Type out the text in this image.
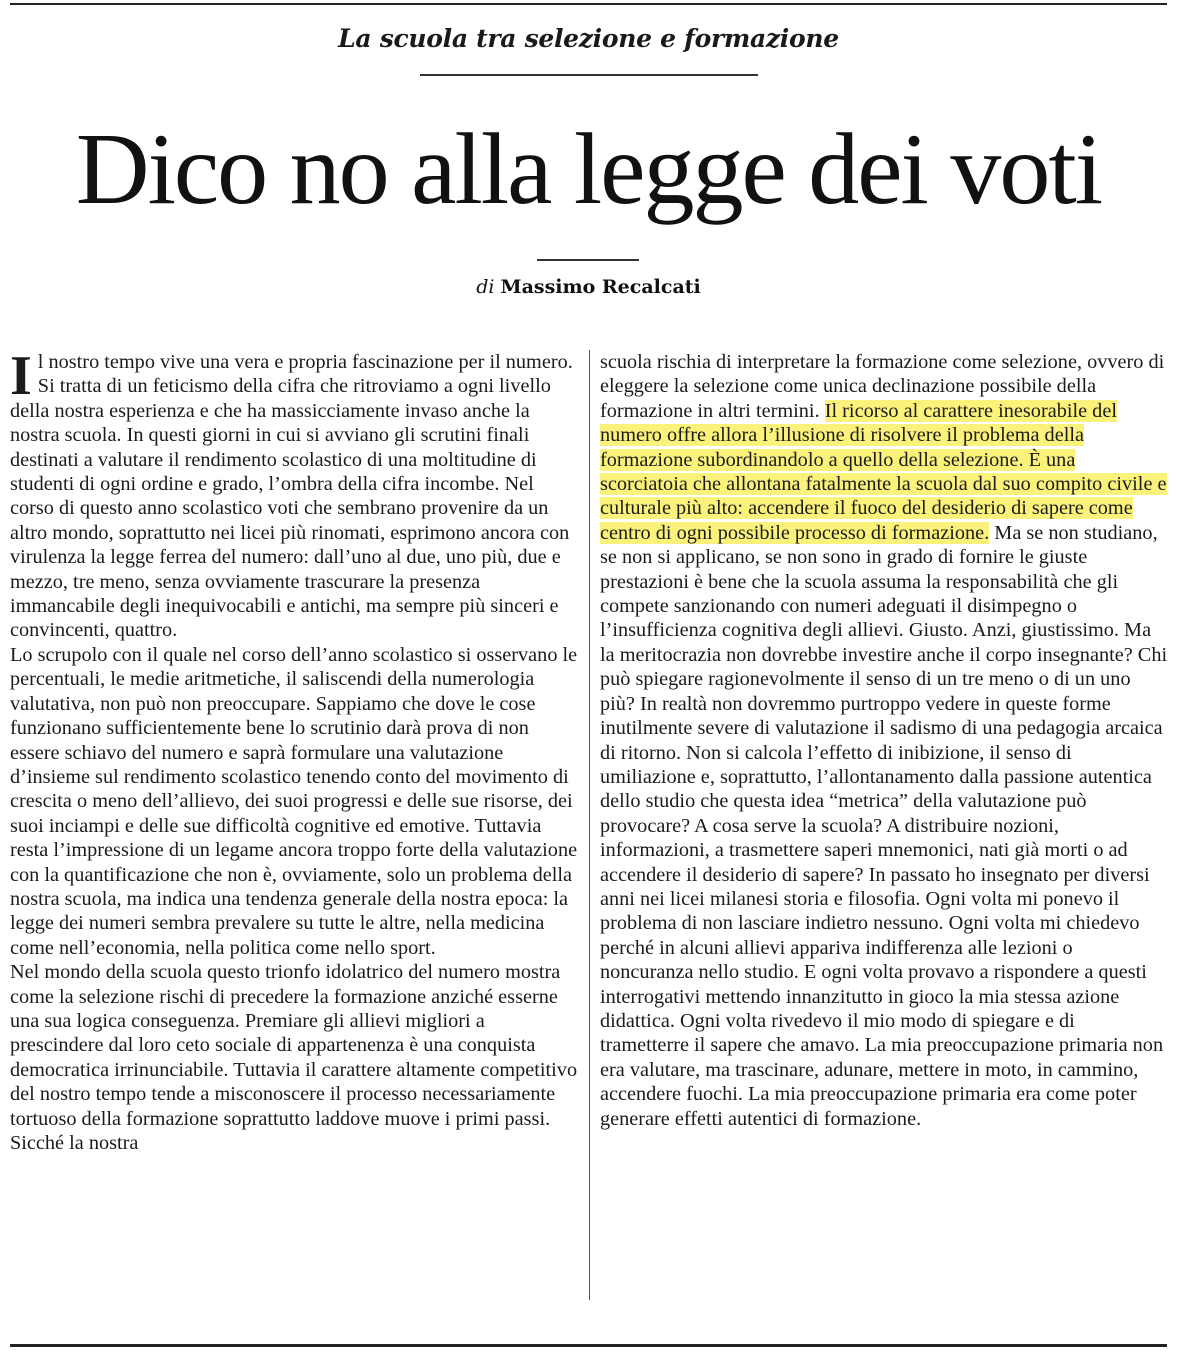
La scuola tra selezione e formazione
Dico no alla legge dei voti
di Massimo Recalcati

Il nostro tempo vive una vera e propria fascinazione per il numero. Si tratta di un feticismo della cifra che ritroviamo a ogni livello della nostra esperienza e che ha massicciamente invaso anche la nostra scuola. In questi giorni in cui si avviano gli scrutini finali destinati a valutare il rendimento scolastico di una moltitudine di studenti di ogni ordine e grado, l’ombra della cifra incombe. Nel corso di questo anno scolastico voti che sembrano provenire da un altro mondo, soprattutto nei licei più rinomati, esprimono ancora con virulenza la legge ferrea del numero: dall’uno al due, uno più, due e mezzo, tre meno, senza ovviamente trascurare la presenza immancabile degli inequivocabili e antichi, ma sempre più sinceri e convincenti, quattro.

Lo scrupolo con il quale nel corso dell’anno scolastico si osservano le percentuali, le medie aritmetiche, il saliscendi della numerologia valutativa, non può non preoccupare. Sappiamo che dove le cose funzionano sufficientemente bene lo scrutinio darà prova di non essere schiavo del numero e saprà formulare una valutazione d’insieme sul rendimento scolastico tenendo conto del movimento di crescita o meno dell’allievo, dei suoi progressi e delle sue risorse, dei suoi inciampi e delle sue difficoltà cognitive ed emotive. Tuttavia resta l’impressione di un legame ancora troppo forte della valutazione con la quantificazione che non è, ovviamente, solo un problema della nostra scuola, ma indica una tendenza generale della nostra epoca: la legge dei numeri sembra prevalere su tutte le altre, nella medicina come nell’economia, nella politica come nello sport.

Nel mondo della scuola questo trionfo idolatrico del numero mostra come la selezione rischi di precedere la formazione anziché esserne una sua logica conseguenza. Premiare gli allievi migliori a prescindere dal loro ceto sociale di appartenenza è una conquista democratica irrinunciabile. Tuttavia il carattere altamente competitivo del nostro tempo tende a misconoscere il processo necessariamente tortuoso della formazione soprattutto laddove muove i primi passi. Sicché la nostra

scuola rischia di interpretare la formazione come selezione, ovvero di eleggere la selezione come unica declinazione possibile della formazione in altri termini. Il ricorso al carattere inesorabile del numero offre allora l’illusione di risolvere il problema della formazione subordinandolo a quello della selezione. È una scorciatoia che allontana fatalmente la scuola dal suo compito civile e culturale più alto: accendere il fuoco del desiderio di sapere come centro di ogni possibile processo di formazione. Ma se non studiano, se non si applicano, se non sono in grado di fornire le giuste prestazioni è bene che la scuola assuma la responsabilità che gli compete sanzionando con numeri adeguati il disimpegno o l’insufficienza cognitiva degli allievi. Giusto. Anzi, giustissimo. Ma la meritocrazia non dovrebbe investire anche il corpo insegnante? Chi può spiegare ragionevolmente il senso di un tre meno o di un uno più? In realtà non dovremmo purtroppo vedere in queste forme inutilmente severe di valutazione il sadismo di una pedagogia arcaica di ritorno. Non si calcola l’effetto di inibizione, il senso di umiliazione e, soprattutto, l’allontanamento dalla passione autentica dello studio che questa idea “metrica” della valutazione può provocare? A cosa serve la scuola? A distribuire nozioni, informazioni, a trasmettere saperi mnemonici, nati già morti o ad accendere il desiderio di sapere? In passato ho insegnato per diversi anni nei licei milanesi storia e filosofia. Ogni volta mi ponevo il problema di non lasciare indietro nessuno. Ogni volta mi chiedevo perché in alcuni allievi appariva indifferenza alle lezioni o noncuranza nello studio. E ogni volta provavo a rispondere a questi interrogativi mettendo innanzitutto in gioco la mia stessa azione didattica. Ogni volta rivedevo il mio modo di spiegare e di trametterre il sapere che amavo. La mia preoccupazione primaria non era valutare, ma trascinare, adunare, mettere in moto, in cammino, accendere fuochi. La mia preoccupazione primaria era come poter generare effetti autentici di formazione.
